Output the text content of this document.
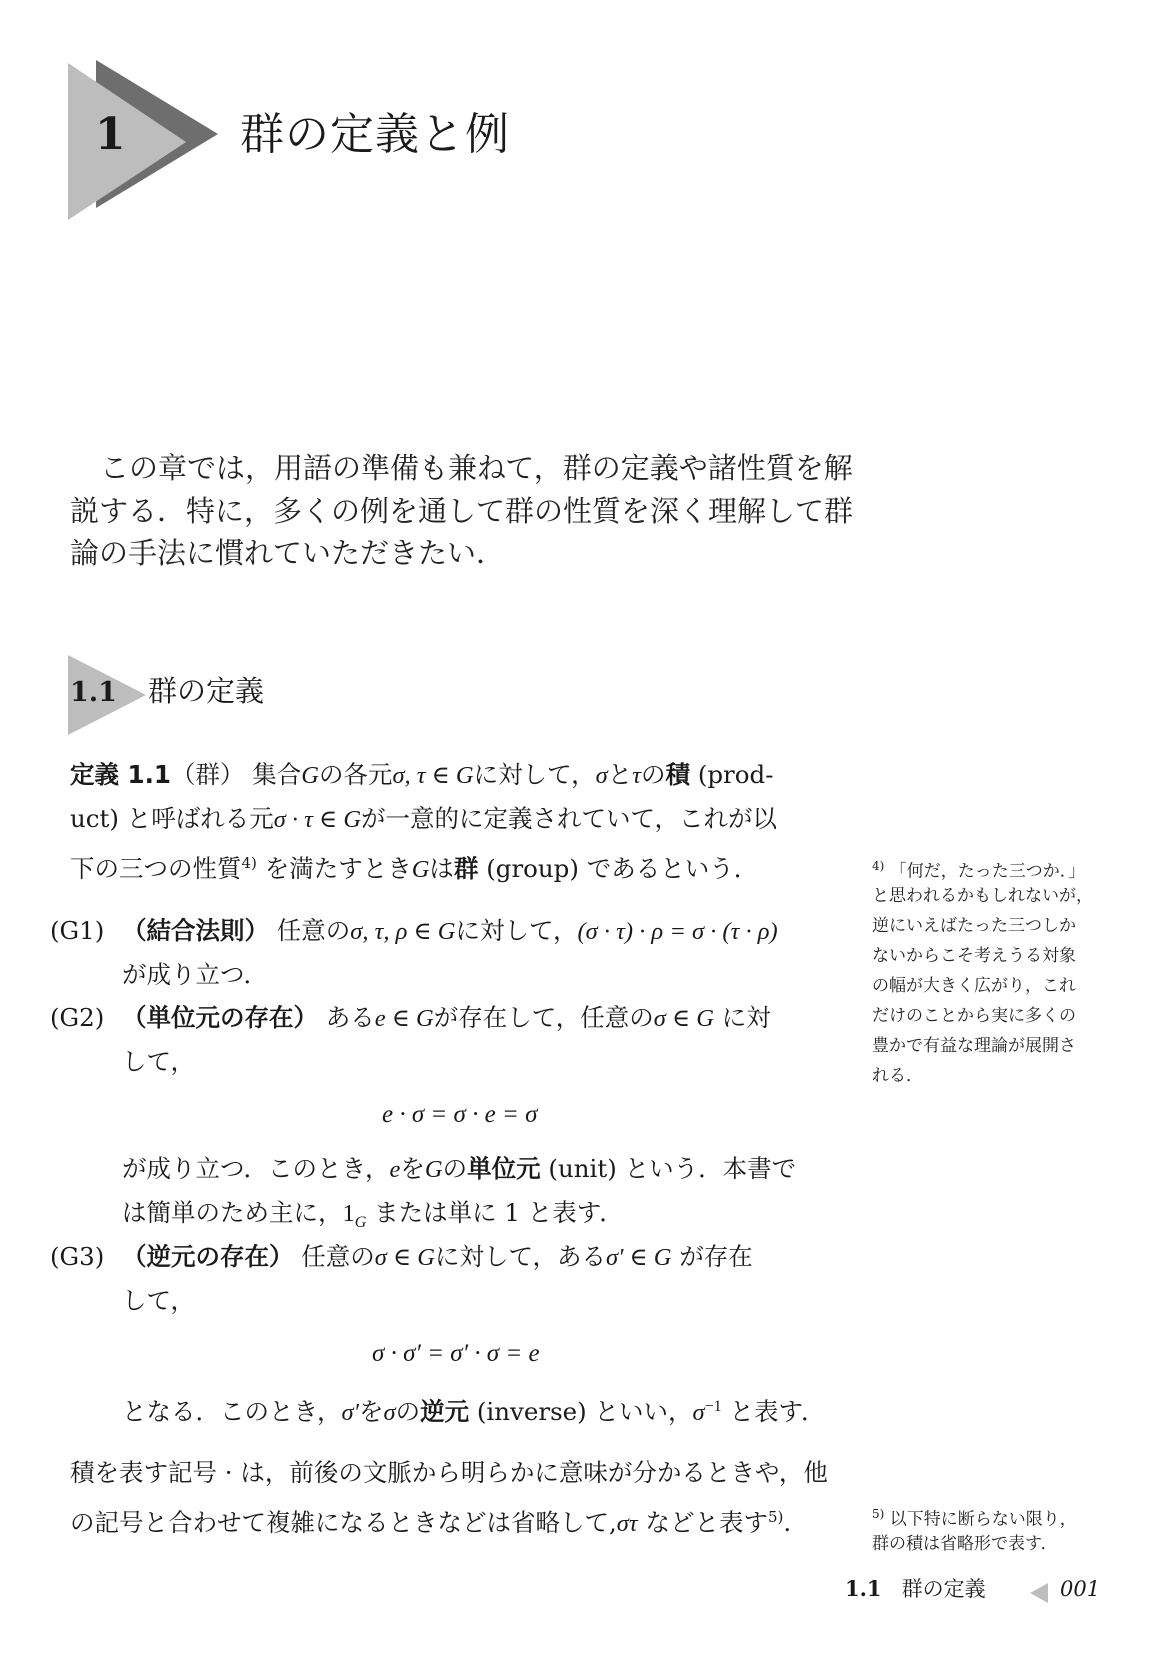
1	群の定義と例
この章では，用語の準備も兼ねて，群の定義や諸性質を解
説する．特に，多くの例を通して群の性質を深く理解して群
論の手法に慣れていただきたい．
1.1 群の定義
定義 1.1（群） 集合Gの各元σ, τ ∈ Gに対して，σとτの積 (prod-
uct) と呼ばれる元σ · τ ∈ Gが一意的に定義されていて，これが以
下の三つの性質$^{4)}$ を満たすときGは群 (group) であるという．
(G1) （結合法則） 任意のσ, τ, ρ ∈ Gに対して，(σ · τ) · ρ = σ · (τ · ρ)
が成り立つ．
(G2) （単位元の存在） あるe ∈ Gが存在して，任意のσ ∈ G に対
して，
e · σ = σ · e = σ
が成り立つ．このとき，eをGの単位元 (unit) という．本書で
は簡単のため主に，$1_G$ または単に 1 と表す．
(G3) （逆元の存在） 任意のσ ∈ Gに対して，あるσ′ ∈ G が存在
して，
σ · σ′ = σ′ · σ = e
となる．このとき，σ′をσの逆元 (inverse) といい，$\sigma^{-1}$ と表す．
積を表す記号 · は，前後の文脈から明らかに意味が分かるときや，他
の記号と合わせて複雑になるときなどは省略して,στ などと表す$^{5)}$.
$^{4)}$ 「何だ，たった三つか．」
と思われるかもしれないが，
逆にいえばたった三つしか
ないからこそ考えうる対象
の幅が大きく広がり，これ
だけのことから実に多くの
豊かで有益な理論が展開さ
れる．
$^{5)}$ 以下特に断らない限り，
群の積は省略形で表す．
1.1 群の定義	001
